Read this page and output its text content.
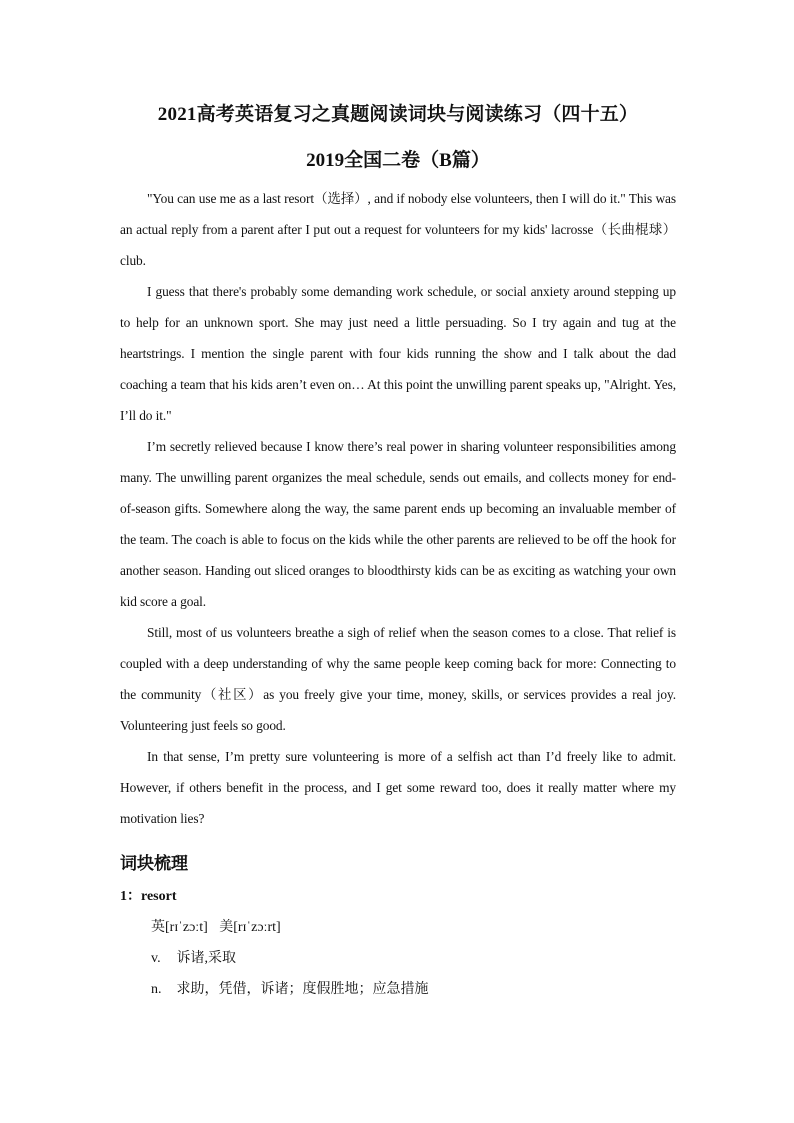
2021高考英语复习之真题阅读词块与阅读练习（四十五）
2019全国二卷（B篇）

"You can use me as a last resort（选择）, and if nobody else volunteers, then I will do it." This was an actual reply from a parent after I put out a request for volunteers for my kids' lacrosse（长曲棍球）club.

I guess that there's probably some demanding work schedule, or social anxiety around stepping up to help for an unknown sport. She may just need a little persuading. So I try again and tug at the heartstrings. I mention the single parent with four kids running the show and I talk about the dad coaching a team that his kids aren’t even on… At this point the unwilling parent speaks up, "Alright. Yes, I’ll do it."

I’m secretly relieved because I know there’s real power in sharing volunteer responsibilities among many. The unwilling parent organizes the meal schedule, sends out emails, and collects money for end-of-season gifts. Somewhere along the way, the same parent ends up becoming an invaluable member of the team. The coach is able to focus on the kids while the other parents are relieved to be off the hook for another season. Handing out sliced oranges to bloodthirsty kids can be as exciting as watching your own kid score a goal.

Still, most of us volunteers breathe a sigh of relief when the season comes to a close. That relief is coupled with a deep understanding of why the same people keep coming back for more: Connecting to the community（社区）as you freely give your time, money, skills, or services provides a real joy. Volunteering just feels so good.

In that sense, I’m pretty sure volunteering is more of a selfish act than I’d freely like to admit. However, if others benefit in the process, and I get some reward too, does it really matter where my motivation lies?

词块梳理
1：resort
英[rɪˈzɔːt] 美[rɪˈzɔːrt]
v. 诉诸,采取
n. 求助，凭借，诉诸；度假胜地；应急措施
